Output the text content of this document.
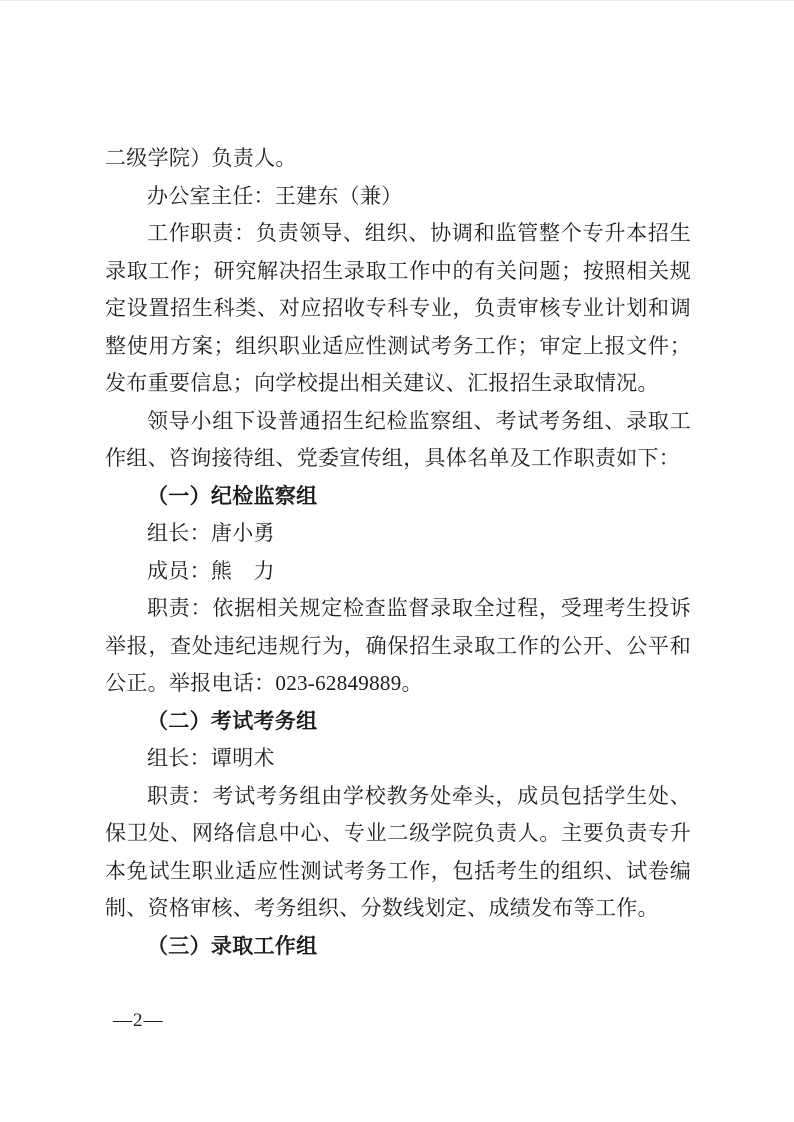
二级学院）负责人。

办公室主任：王建东（兼）

工作职责：负责领导、组织、协调和监管整个专升本招生录取工作；研究解决招生录取工作中的有关问题；按照相关规定设置招生科类、对应招收专科专业，负责审核专业计划和调整使用方案；组织职业适应性测试考务工作；审定上报文件；发布重要信息；向学校提出相关建议、汇报招生录取情况。

领导小组下设普通招生纪检监察组、考试考务组、录取工作组、咨询接待组、党委宣传组，具体名单及工作职责如下：

（一）纪检监察组

组长：唐小勇

成员：熊　力

职责：依据相关规定检查监督录取全过程，受理考生投诉举报，查处违纪违规行为，确保招生录取工作的公开、公平和公正。举报电话：023-62849889。

（二）考试考务组

组长：谭明术

职责：考试考务组由学校教务处牵头，成员包括学生处、保卫处、网络信息中心、专业二级学院负责人。主要负责专升本免试生职业适应性测试考务工作，包括考生的组织、试卷编制、资格审核、考务组织、分数线划定、成绩发布等工作。

（三）录取工作组

—2—
